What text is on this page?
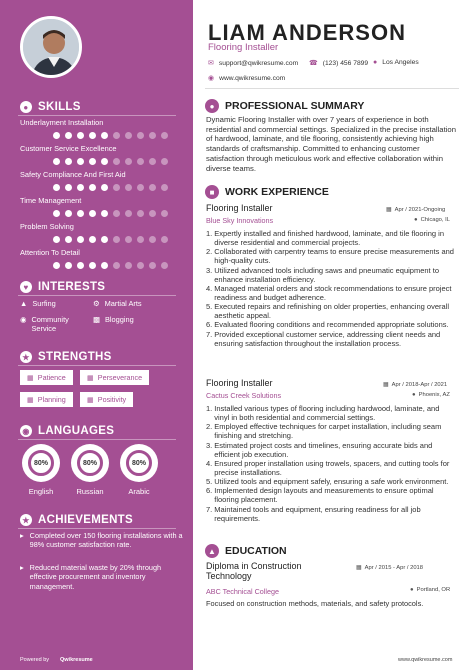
● SKILLS
Underlayment Installation
Customer Service Excellence
Safety Compliance And First Aid
Time Management
Problem Solving
Attention To Detail
♥ INTERESTS
▲ Surfing	⚙ Martial Arts
◉ Community Service
▩ Blogging
★ STRENGTHS
▦ Patience	▦ Perseverance
▦ Planning	▦ Positivity
◉ LANGUAGES
80%	80%	80%
English	Russian	Arabic
★ ACHIEVEMENTS
▸ Completed over 150 flooring installations with a 98% customer satisfaction rate.
▸ Reduced material waste by 20% through effective procurement and inventory management.
LIAM ANDERSON
Flooring Installer
✉ support@qwikresume.com ☎ (123) 456 7899 ● Los Angeles
◉ www.qwikresume.com
●	PROFESSIONAL SUMMARY
Dynamic Flooring Installer with over 7 years of experience in both residential and commercial settings. Specialized in the precise installation of hardwood, laminate, and tile flooring, consistently achieving high standards of craftsmanship. Committed to enhancing customer satisfaction through meticulous work and effective collaboration within diverse teams.
■	WORK EXPERIENCE
Flooring Installer	▦ Apr / 2021-Ongoing
Blue Sky Innovations	● Chicago, IL
1. Expertly installed and finished hardwood, laminate, and tile flooring in diverse residential and commercial projects.
2. Collaborated with carpentry teams to ensure precise measurements and high-quality cuts.
3. Utilized advanced tools including saws and pneumatic equipment to enhance installation efficiency.
4. Managed material orders and stock recommendations to ensure project readiness and budget adherence.
5. Executed repairs and refinishing on older properties, enhancing overall aesthetic appeal.
6. Evaluated flooring conditions and recommended appropriate solutions.
7. Provided exceptional customer service, addressing client needs and ensuring satisfaction throughout the installation process.
Flooring Installer	▦ Apr / 2018-Apr / 2021
Cactus Creek Solutions	● Phoenix, AZ
1. Installed various types of flooring including hardwood, laminate, and vinyl in both residential and commercial settings.
2. Employed effective techniques for carpet installation, including seam finishing and stretching.
3. Estimated project costs and timelines, ensuring accurate bids and efficient job execution.
4. Ensured proper installation using trowels, spacers, and cutting tools for precise installations.
5. Utilized tools and equipment safely, ensuring a safe work environment.
6. Implemented design layouts and measurements to ensure optimal flooring placement.
7. Maintained tools and equipment, ensuring readiness for all job requirements.
▲ EDUCATION
Diploma in Construction Technology
▦ Apr / 2015 - Apr / 2018
ABC Technical College	● Portland, OR
Focused on construction methods, materials, and safety protocols.
Powered by Qwikresume	www.qwikresume.com
